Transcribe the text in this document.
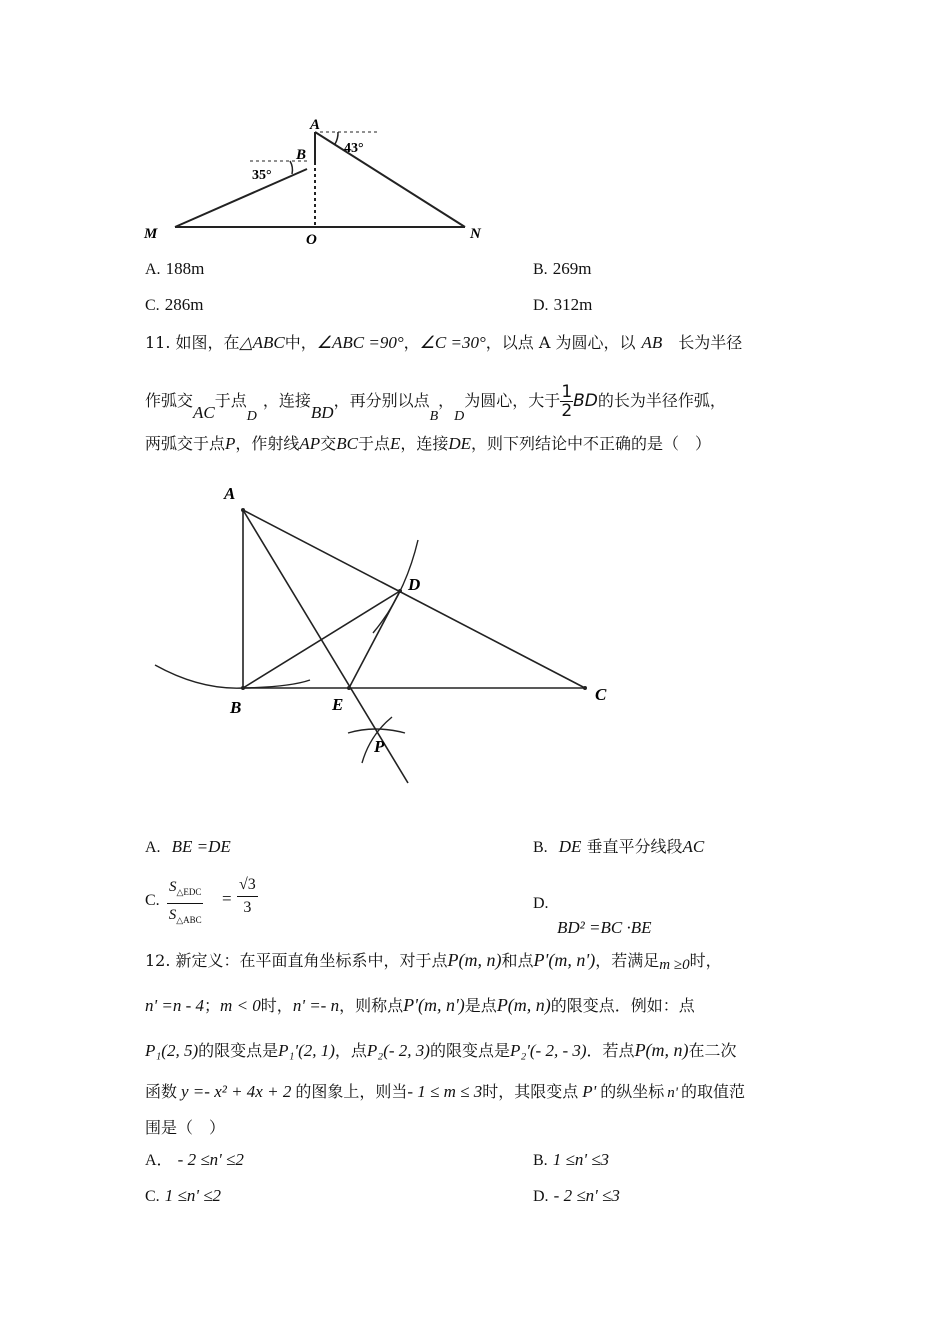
A
B
M	O	N
35°
43°
A. 188m	B. 269m
C. 286m	D. 312m
11. 如图，在△ABC中，∠ABC =90°，∠C =30°，以点 A 为圆心，以 AB 长为半径
作弧交AC于点D，连接BD，再分别以点B，D为圆心，大于 $\frac{1}{2}$ BD的长为半径作弧，
两弧交于点P，作射线AP交BC于点E，连接DE，则下列结论中不正确的是（　）
A
B
C
D
E
P
A. BE =DE	B. DE 垂直平分线段AC
C.
$S_{\triangle EDC}$
$S_{\triangle ABC}$
= $\frac{√3}{3}$	D.
BD² =BC ·BE
12. 新定义：在平面直角坐标系中，对于点P(m, n)和点P'(m, n')，若满足m ≥0时，
n' =n - 4；m < 0时，n' =- n，则称点P'(m, n')是点P(m, n)的限变点．例如：点
P₁(2, 5)的限变点是P₁'(2, 1)，点P₂(- 2, 3)的限变点是P₂'(- 2, - 3)．若点P(m, n)在二次
函数 y =- x² + 4x + 2 的图象上，则当- 1 ≤ m ≤ 3时，其限变点 P' 的纵坐标 n' 的取值范
围是（　）
A． - 2 ≤n' ≤2	B. 1 ≤n' ≤3
C. 1 ≤n' ≤2	D. - 2 ≤n' ≤3
